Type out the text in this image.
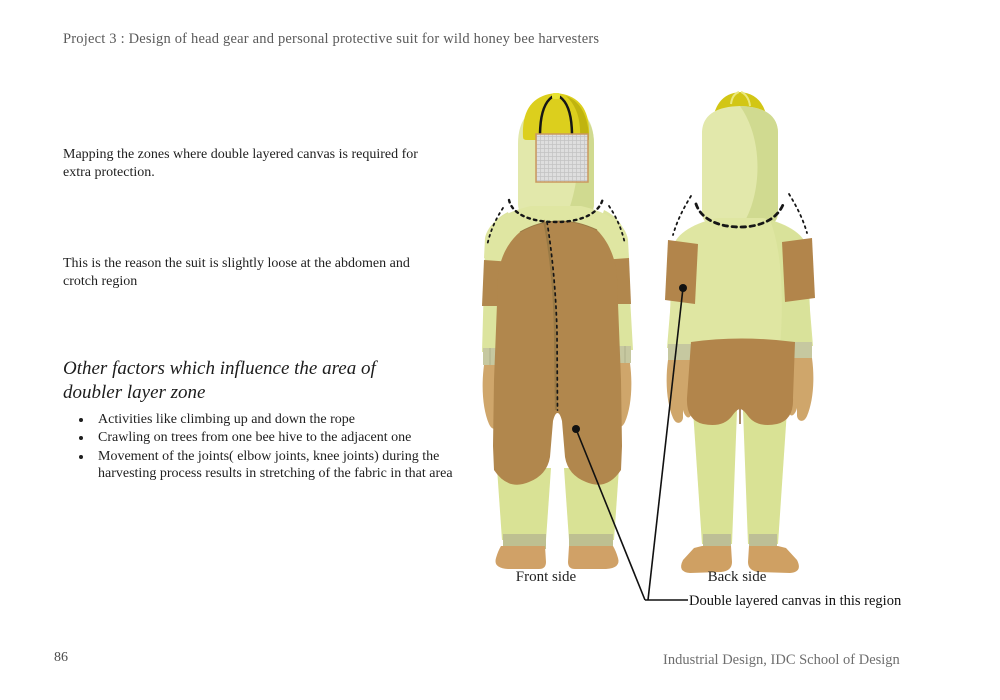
Project 3 : Design of head gear and personal protective suit for wild honey bee harvesters
Mapping the zones where double layered canvas is required for extra protection.
This is the reason the suit is slightly loose at the abdomen and crotch region
Other factors which influence the area of doubler layer zone
• Activities like climbing up and down the rope
• Crawling on trees from one bee hive to the adjacent one
• Movement of the joints( elbow joints, knee joints) during the harvesting process results in stretching of the fabric in that area
Front side	Back side
Double layered canvas in this region
86	Industrial Design, IDC School of Design
